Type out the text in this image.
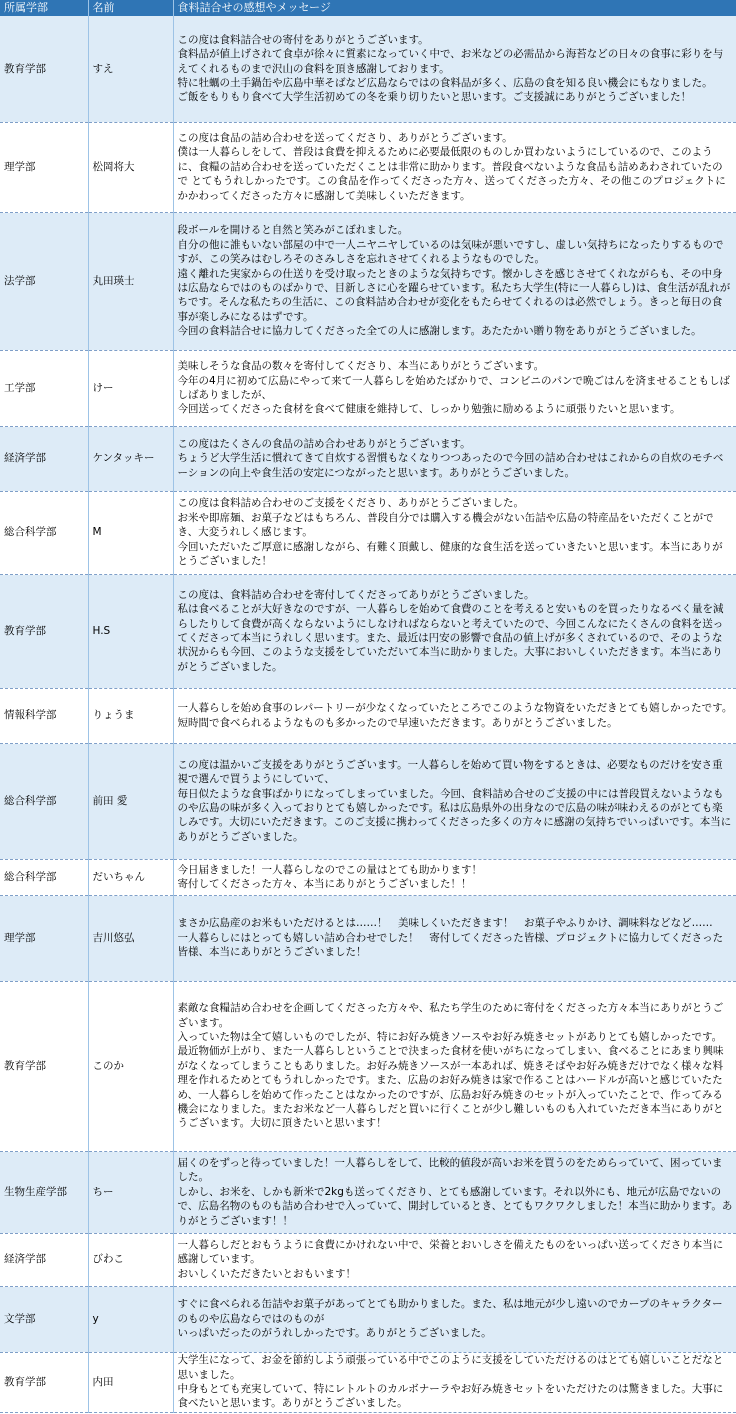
所属学部	名前	食料詰合せの感想やメッセージ
教育学部	すえ	この度は食料詰合せの寄付をありがとうございます。
食料品が値上げされて食卓が徐々に質素になっていく中で、お米などの必需品から海苔などの日々の食事に彩りを与えてくれるものまで沢山の食料を頂き感謝しております。
特に牡蠣の土手鍋缶や広島中華そばなど広島ならではの食料品が多く、広島の食を知る良い機会にもなりました。
ご飯をもりもり食べて大学生活初めての冬を乗り切りたいと思います。ご支援誠にありがとうございました！
理学部	松岡将大	この度は食品の詰め合わせを送ってくださり、ありがとうございます。
僕は一人暮らしをして、普段は食費を抑えるために必要最低限のものしか買わないようにしているので、このように、食糧の詰め合わせを送っていただくことは非常に助かります。普段食べないような食品も詰めあわされていたので とてもうれしかったです。この食品を作ってくださった方々、送ってくださった方々、その他このプロジェクトにかかわってくださった方々に感謝して美味しくいただきます。
法学部	丸田瑛士	段ボールを開けると自然と笑みがこぼれました。
自分の他に誰もいない部屋の中で一人ニヤニヤしているのは気味が悪いですし、虚しい気持ちになったりするものですが、この笑みはむしろそのさみしさを忘れさせてくれるようなものでした。
遠く離れた実家からの仕送りを受け取ったときのような気持ちです。懐かしさを感じさせてくれながらも、その中身は広島ならではのものばかりで、目新しさに心を躍らせています。私たち大学生(特に一人暮らし)は、食生活が乱れがちです。そんな私たちの生活に、この食料詰め合わせが変化をもたらせてくれるのは必然でしょう。きっと毎日の食事が楽しみになるはずです。
今回の食料詰合せに協力してくださった全ての人に感謝します。あたたかい贈り物をありがとうございました。
工学部	けー	美味しそうな食品の数々を寄付してくださり、本当にありがとうございます。
今年の4月に初めて広島にやって来て一人暮らしを始めたばかりで、コンビニのパンで晩ごはんを済ませることもしばしばありましたが、
今回送ってくださった食材を食べて健康を維持して、しっかり勉強に励めるように頑張りたいと思います。
経済学部	ケンタッキー	この度はたくさんの食品の詰め合わせありがとうございます。
ちょうど大学生活に慣れてきて自炊する習慣もなくなりつつあったので今回の詰め合わせはこれからの自炊のモチベーションの向上や食生活の安定につながったと思います。ありがとうございました。
総合科学部	M	この度は食料詰め合わせのご支援をくださり、ありがとうございました。
お米や即席麺、お菓子などはもちろん、普段自分では購入する機会がない缶詰や広島の特産品をいただくことができ、大変うれしく感じます。
今回いただいたご厚意に感謝しながら、有難く頂戴し、健康的な食生活を送っていきたいと思います。本当にありがとうございました！
教育学部	H.S	この度は、食料詰め合わせを寄付してくださってありがとうございました。
私は食べることが大好きなのですが、一人暮らしを始めて食費のことを考えると安いものを買ったりなるべく量を減らしたりして食費が高くならないようにしなければならないと考えていたので、今回こんなにたくさんの食料を送ってくださって本当にうれしく思います。また、最近は円安の影響で食品の値上げが多くされているので、そのような状況からも今回、このような支援をしていただいて本当に助かりました。大事においしくいただきます。本当にありがとうございました。
情報科学部	りょうま	一人暮らしを始め食事のレパートリーが少なくなっていたところでこのような物資をいただきとても嬉しかったです。
短時間で食べられるようなものも多かったので早速いただきます。ありがとうございました。
総合科学部	前田 愛	この度は温かいご支援をありがとうございます。一人暮らしを始めて買い物をするときは、必要なものだけを安さ重視で選んで買うようにしていて、
毎日似たような食事ばかりになってしまっていました。今回、食料詰め合せのご支援の中には普段買えないようなものや広島の味が多く入っておりとても嬉しかったです。私は広島県外の出身なので広島の味が味わえるのがとても楽しみです。大切にいただきます。このご支援に携わってくださった多くの方々に感謝の気持ちでいっぱいです。本当にありがとうございました。
総合科学部	だいちゃん	今日届きました！一人暮らしなのでこの量はとても助かります！
寄付してくださった方々、本当にありがとうございました！！
理学部	吉川悠弘	まさか広島産のお米もいただけるとは……！　美味しくいただきます！　お菓子やふりかけ、調味料などなど……
一人暮らしにはとっても嬉しい詰め合わせでした！　寄付してくださった皆様、プロジェクトに協力してくださった皆様、本当にありがとうございました！
教育学部	このか	素敵な食糧詰め合わせを企画してくださった方々や、私たち学生のために寄付をくださった方々本当にありがとうございます。
入っていた物は全て嬉しいものでしたが、特にお好み焼きソースやお好み焼きセットがありとても嬉しかったです。最近物価が上がり、また一人暮らしということで決まった食材を使いがちになってしまい、食べることにあまり興味がなくなってしまうこともありました。お好み焼きソースが一本あれば、焼きそばやお好み焼きだけでなく様々な料理を作れるためとてもうれしかったです。また、広島のお好み焼きは家で作ることはハードルが高いと感じていたため、一人暮らしを始めて作ったことはなかったのですが、広島お好み焼きのセットが入っていたことで、作ってみる機会になりました。またお米など一人暮らしだと買いに行くことが少し難しいものも入れていただき本当にありがとうございます。大切に頂きたいと思います！
生物生産学部	ちー	届くのをずっと待っていました！一人暮らしをして、比較的値段が高いお米を買うのをためらっていて、困っていました。
しかし、お米を、しかも新米で2kgも送ってくださり、とても感謝しています。それ以外にも、地元が広島でないので、広島名物のものも詰め合わせで入っていて、開封しているとき、とてもワクワクしました！本当に助かります。ありがとうございます！！
経済学部	びわこ	一人暮らしだとおもうように食費にかけれない中で、栄養とおいしさを備えたものをいっぱい送ってくださり本当に感謝しています。
おいしくいただきたいとおもいます！
文学部	y	すぐに食べられる缶詰やお菓子があってとても助かりました。また、私は地元が少し遠いのでカープのキャラクターのものや広島ならではのものが
いっぱいだったのがうれしかったです。ありがとうございました。
教育学部	内田	大学生になって、お金を節約しよう頑張っている中でこのように支援をしていただけるのはとても嬉しいことだなと思いました。
中身もとても充実していて、特にレトルトのカルボナーラやお好み焼きセットをいただけたのは驚きました。大事に食べたいと思います。ありがとうございました。
